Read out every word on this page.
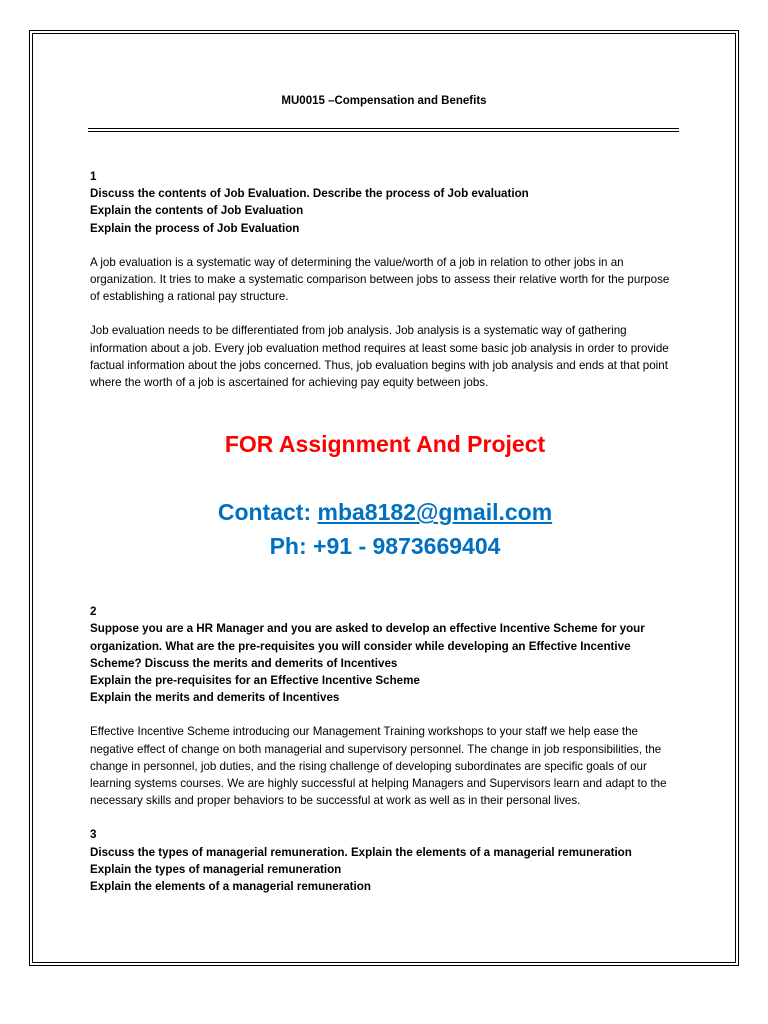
MU0015 –Compensation and Benefits

1

Discuss the contents of Job Evaluation. Describe the process of Job evaluation

Explain the contents of Job Evaluation

Explain the process of Job Evaluation

A job evaluation is a systematic way of determining the value/worth of a job in relation to other jobs in an organization. It tries to make a systematic comparison between jobs to assess their relative worth for the purpose of establishing a rational pay structure.

Job evaluation needs to be differentiated from job analysis. Job analysis is a systematic way of gathering information about a job. Every job evaluation method requires at least some basic job analysis in order to provide factual information about the jobs concerned. Thus, job evaluation begins with job analysis and ends at that point where the worth of a job is ascertained for achieving pay equity between jobs.

FOR Assignment And Project
Contact: mba8182@gmail.com
Ph: +91 - 9873669404

2

Suppose you are a HR Manager and you are asked to develop an effective Incentive Scheme for your organization. What are the pre-requisites you will consider while developing an Effective Incentive Scheme? Discuss the merits and demerits of Incentives

Explain the pre-requisites for an Effective Incentive Scheme

Explain the merits and demerits of Incentives

Effective Incentive Scheme introducing our Management Training workshops to your staff we help ease the negative effect of change on both managerial and supervisory personnel. The change in job responsibilities, the change in personnel, job duties, and the rising challenge of developing subordinates are specific goals of our learning systems courses. We are highly successful at helping Managers and Supervisors learn and adapt to the necessary skills and proper behaviors to be successful at work as well as in their personal lives.

3

Discuss the types of managerial remuneration. Explain the elements of a managerial remuneration

Explain the types of managerial remuneration

Explain the elements of a managerial remuneration
